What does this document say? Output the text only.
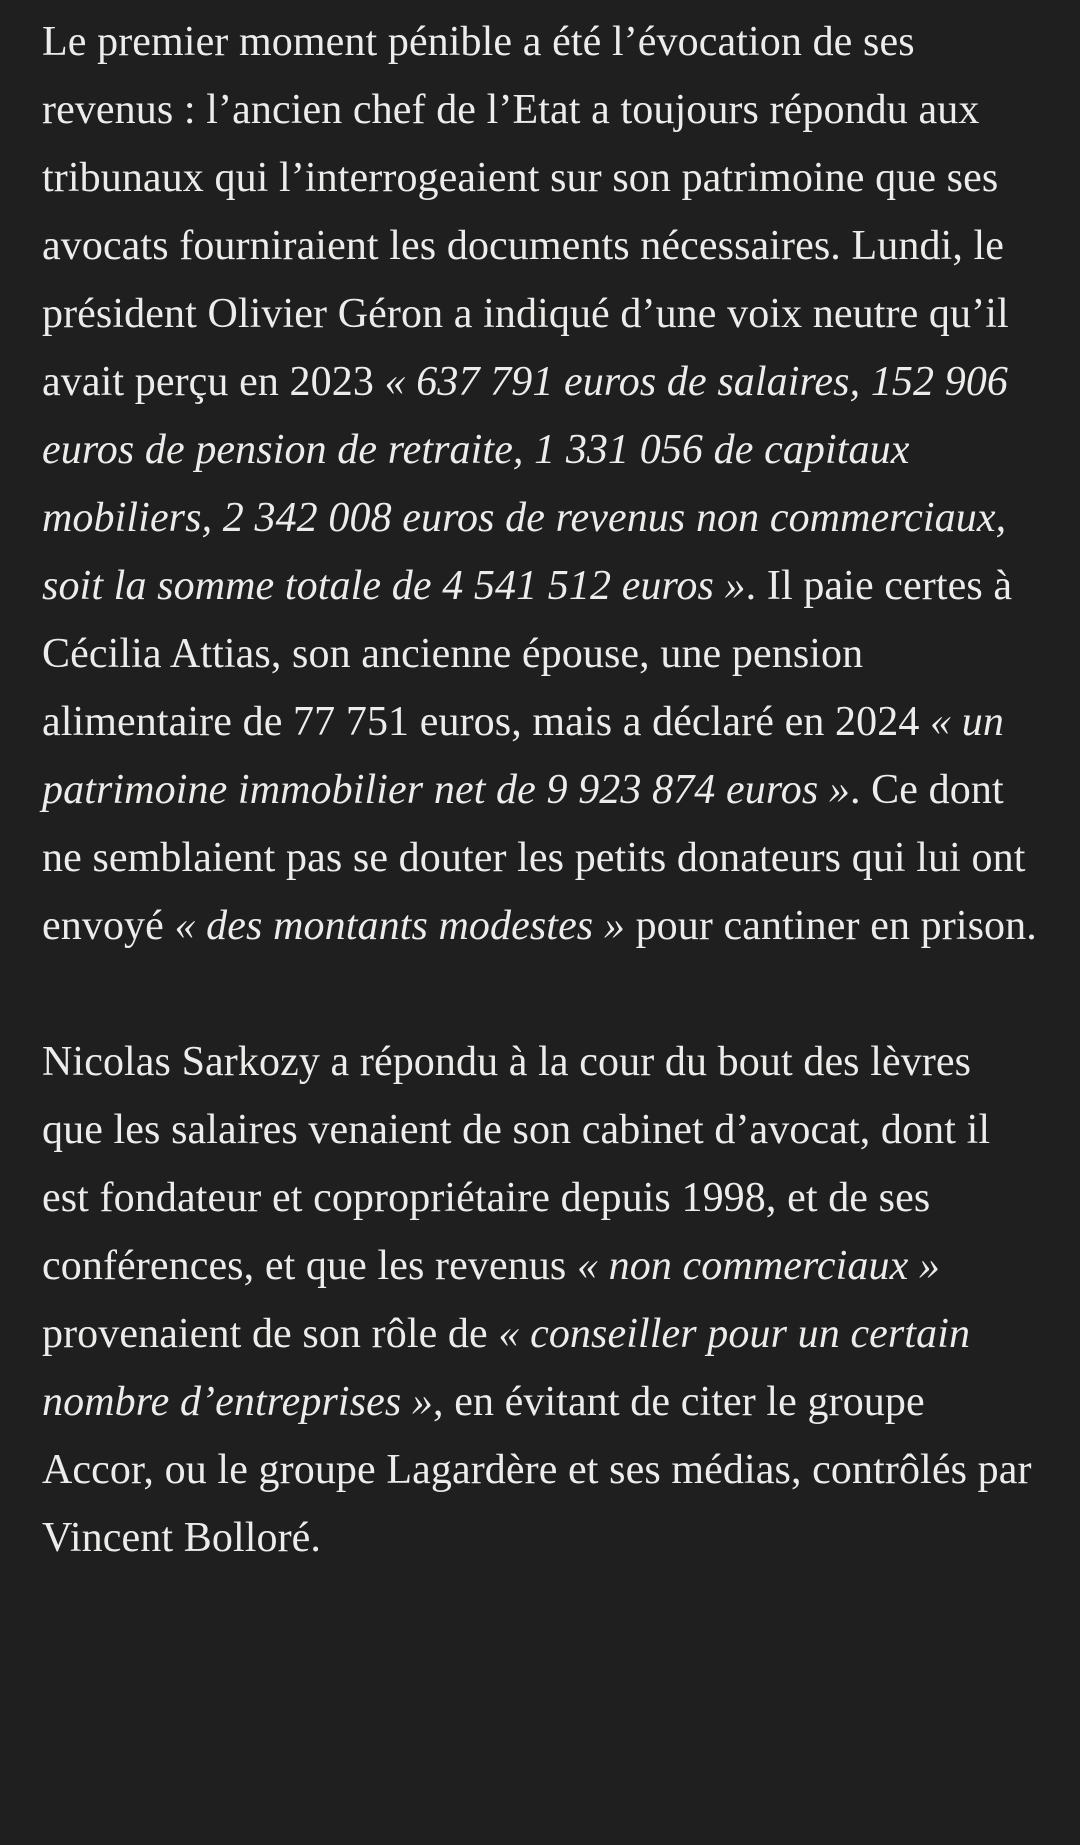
Le premier moment pénible a été l’évocation de ses revenus : l’ancien chef de l’Etat a toujours répondu aux tribunaux qui l’interrogeaient sur son patrimoine que ses avocats fourniraient les documents nécessaires. Lundi, le président Olivier Géron a indiqué d’une voix neutre qu’il avait perçu en 2023 « 637 791 euros de salaires, 152 906 euros de pension de retraite, 1 331 056 de capitaux mobiliers, 2 342 008 euros de revenus non commerciaux, soit la somme totale de 4 541 512 euros ». Il paie certes à Cécilia Attias, son ancienne épouse, une pension alimentaire de 77 751 euros, mais a déclaré en 2024 « un patrimoine immobilier net de 9 923 874 euros ». Ce dont ne semblaient pas se douter les petits donateurs qui lui ont envoyé « des montants modestes » pour cantiner en prison.

Nicolas Sarkozy a répondu à la cour du bout des lèvres que les salaires venaient de son cabinet d’avocat, dont il est fondateur et copropriétaire depuis 1998, et de ses conférences, et que les revenus « non commerciaux » provenaient de son rôle de « conseiller pour un certain nombre d’entreprises », en évitant de citer le groupe Accor, ou le groupe Lagardère et ses médias, contrôlés par Vincent Bolloré.
